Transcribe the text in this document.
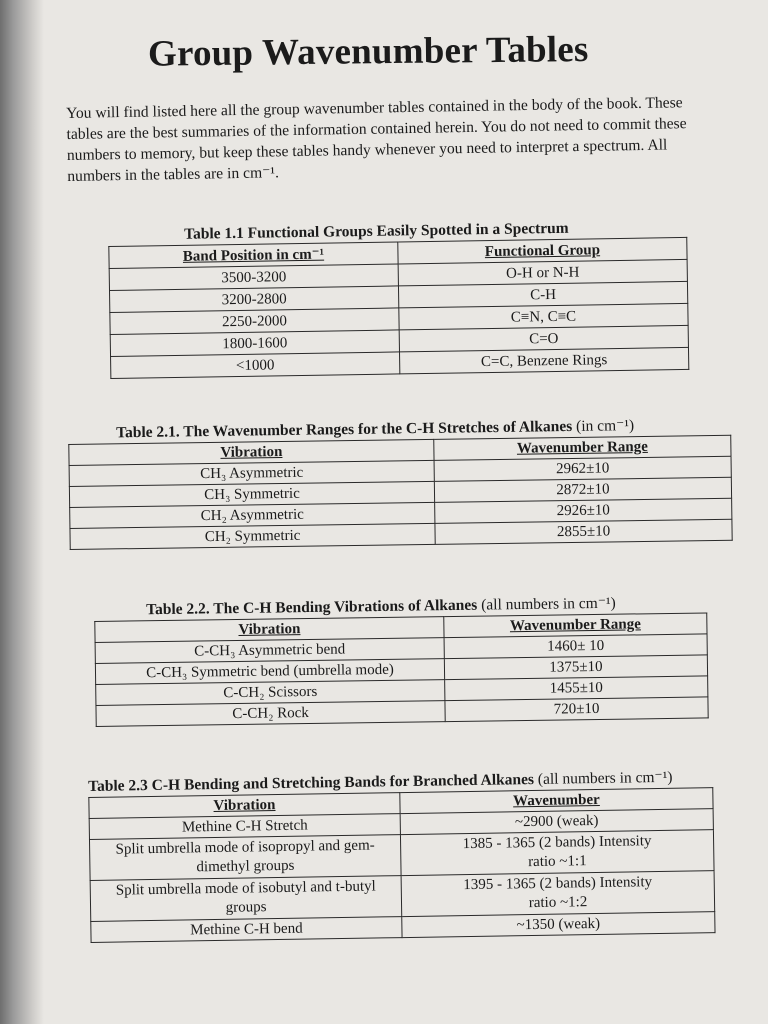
Group Wavenumber Tables

You will find listed here all the group wavenumber tables contained in the body of the book. These tables are the best summaries of the information contained herein. You do not need to commit these numbers to memory, but keep these tables handy whenever you need to interpret a spectrum. All numbers in the tables are in cm⁻¹.

Table 1.1 Functional Groups Easily Spotted in a Spectrum
Band Position in cm⁻¹	Functional Group
3500-3200	O-H or N-H
3200-2800	C-H
2250-2000	C≡N, C≡C
1800-1600	C=O
<1000	C=C, Benzene Rings
Table 2.1. The Wavenumber Ranges for the C-H Stretches of Alkanes (in cm⁻¹)
Vibration	Wavenumber Range
CH₃ Asymmetric	2962±10
CH₃ Symmetric	2872±10
CH₂ Asymmetric	2926±10
CH₂ Symmetric	2855±10
Table 2.2. The C-H Bending Vibrations of Alkanes (all numbers in cm⁻¹)
Vibration	Wavenumber Range
C-CH₃ Asymmetric bend	1460± 10
C-CH₃ Symmetric bend (umbrella mode)	1375±10
C-CH₂ Scissors	1455±10
C-CH₂ Rock	720±10
Table 2.3 C-H Bending and Stretching Bands for Branched Alkanes (all numbers in cm⁻¹)
Vibration	Wavenumber
Methine C-H Stretch	~2900 (weak)
Split umbrella mode of isopropyl and gem-dimethyl groups	1385 - 1365 (2 bands) Intensity ratio ~1:1
Split umbrella mode of isobutyl and t-butyl groups	1395 - 1365 (2 bands) Intensity ratio ~1:2
Methine C-H bend	~1350 (weak)
